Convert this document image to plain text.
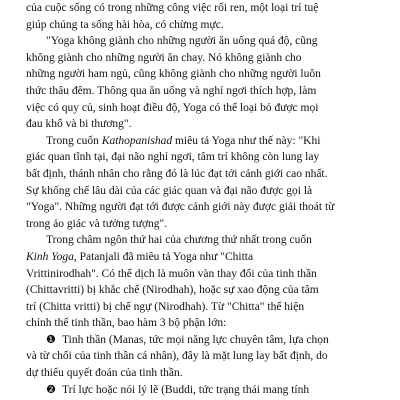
của cuộc sống có trong những công việc rối ren, một loại trí tuệ
giúp chúng ta sống hài hòa, có chừng mực.
"Yoga không giành cho những người ăn uống quá độ, cũng
không giành cho những người ăn chay. Nó không giành cho
những người ham ngủ, cũng không giành cho những người luôn
thức thâu đêm. Thông qua ăn uống và nghỉ ngơi thích hợp, làm
việc có quy củ, sinh hoạt điều độ, Yoga có thể loại bỏ được mọi
đau khổ và bi thương".
Trong cuốn Kathopanishad miêu tả Yoga như thế này: "Khi
giác quan tĩnh tại, đại não nghỉ ngơi, tâm trí không còn lung lay
bất định, thánh nhân cho rằng đó là lúc đạt tới cảnh giới cao nhất.
Sự khống chế lâu dài của các giác quan và đại não được gọi là
"Yoga". Những người đạt tới được cảnh giới này được giải thoát từ
trong ảo giác và tưởng tượng".
Trong châm ngôn thứ hai của chương thứ nhất trong cuốn
Kinh Yoga, Patanjali đã miêu tả Yoga như "Chitta
Vrittinirodhah". Có thể dịch là muôn vàn thay đổi của tinh thần
(Chittavritti) bị khắc chế (Nirodhah), hoặc sự xao động của tâm
trí (Chitta vritti) bị chế ngự (Nirodhah). Từ "Chitta" thể hiện
chỉnh thể tinh thần, bao hàm 3 bộ phận lớn:
❶ Tinh thần (Manas, tức mọi năng lực chuyên tâm, lựa chọn
và từ chối của tinh thần cá nhân), đây là mặt lung lay bất định, do
dự thiếu quyết đoán của tinh thần.
❷ Trí lực hoặc nói lý lẽ (Buddi, tức trạng thái mang tính
